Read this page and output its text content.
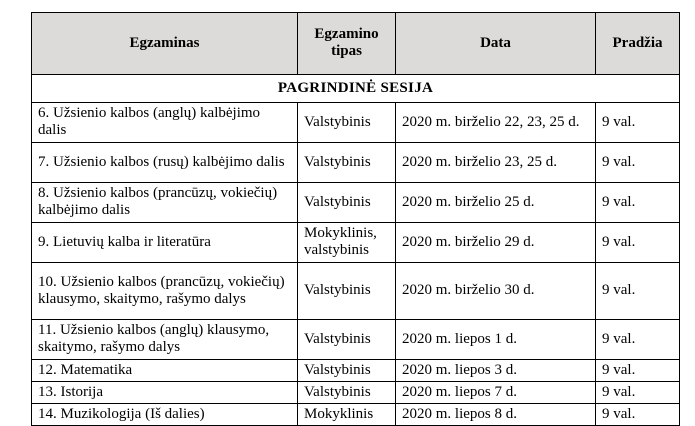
Egzaminas	Egzamino tipas	Data	Pradžia
PAGRINDINĖ SESIJA			
6. Užsienio kalbos (anglų) kalbėjimo dalis	Valstybinis	2020 m. birželio 22, 23, 25 d.	9 val.
7. Užsienio kalbos (rusų) kalbėjimo dalis	Valstybinis	2020 m. birželio 23, 25 d.	9 val.
8. Užsienio kalbos (prancūzų, vokiečių) kalbėjimo dalis	Valstybinis	2020 m. birželio 25 d.	9 val.
9. Lietuvių kalba ir literatūra	Mokyklinis, valstybinis	2020 m. birželio 29 d.	9 val.
10. Užsienio kalbos (prancūzų, vokiečių) klausymo, skaitymo, rašymo dalys	Valstybinis	2020 m. birželio 30 d.	9 val.
11. Užsienio kalbos (anglų) klausymo, skaitymo, rašymo dalys	Valstybinis	2020 m. liepos 1 d.	9 val.
12. Matematika	Valstybinis	2020 m. liepos 3 d.	9 val.
13. Istorija	Valstybinis	2020 m. liepos 7 d.	9 val.
14. Muzikologija (Iš dalies)	Mokyklinis	2020 m. liepos 8 d.	9 val.
